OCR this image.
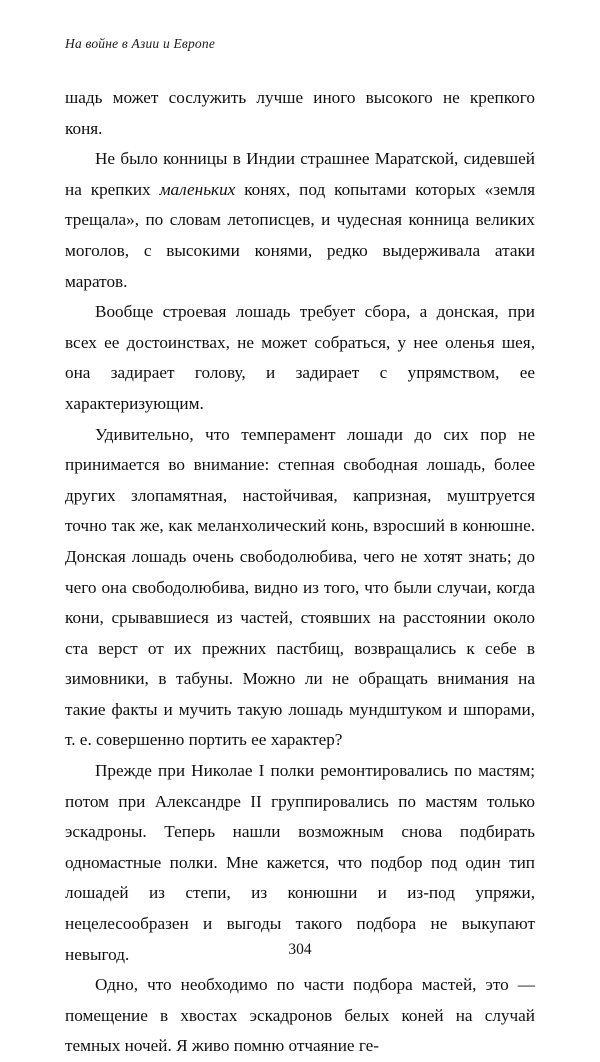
На войне в Азии и Европе

шадь может сослужить лучше иного высокого не крепкого коня.

Не было конницы в Индии страшнее Маратской, сидевшей на крепких маленьких конях, под копытами которых «земля трещала», по словам летописцев, и чудесная конница великих моголов, с высокими конями, редко выдерживала атаки маратов.

Вообще строевая лошадь требует сбора, а донская, при всех ее достоинствах, не может собраться, у нее оленья шея, она задирает голову, и задирает с упрямством, ее характеризующим.

Удивительно, что темперамент лошади до сих пор не принимается во внимание: степная свободная лошадь, более других злопамятная, настойчивая, капризная, муштруется точно так же, как меланхолический конь, взросший в конюшне. Донская лошадь очень свободолюбива, чего не хотят знать; до чего она свободолюбива, видно из того, что были случаи, когда кони, срывавшиеся из частей, стоявших на расстоянии около ста верст от их прежних пастбищ, возвращались к себе в зимовники, в табуны. Можно ли не обращать внимания на такие факты и мучить такую лошадь мундштуком и шпорами, т. е. совершенно портить ее характер?

Прежде при Николае I полки ремонтировались по мастям; потом при Александре II группировались по мастям только эскадроны. Теперь нашли возможным снова подбирать одномастные полки. Мне кажется, что подбор под один тип лошадей из степи, из конюшни и из-под упряжи, нецелесообразен и выгоды такого подбора не выкупают невыгод.

Одно, что необходимо по части подбора мастей, это — помещение в хвостах эскадронов белых коней на случай темных ночей. Я живо помню отчаяние ге-

304
